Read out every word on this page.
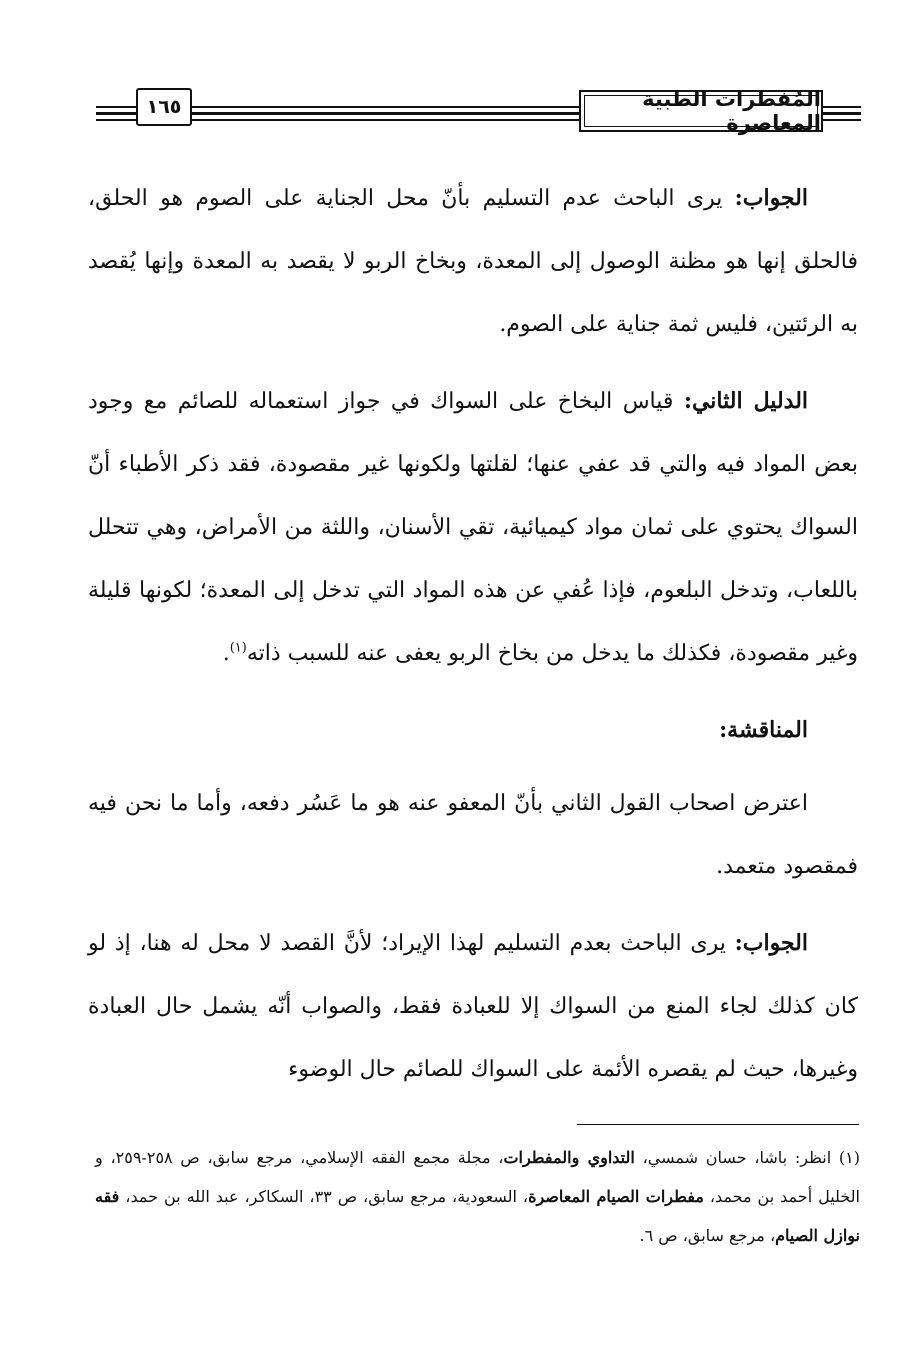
المُفطرات الطبية المعاصرة
١٦٥

الجواب: يرى الباحث عدم التسليم بأنّ محل الجناية على الصوم هو الحلق، فالحلق إنها هو مظنة الوصول إلى المعدة، وبخاخ الربو لا يقصد به المعدة وإنها يُقصد به الرئتين، فليس ثمة جناية على الصوم.

الدليل الثاني: قياس البخاخ على السواك في جواز استعماله للصائم مع وجود بعض المواد فيه والتي قد عفي عنها؛ لقلتها ولكونها غير مقصودة، فقد ذكر الأطباء أنّ السواك يحتوي على ثمان مواد كيميائية، تقي الأسنان، واللثة من الأمراض، وهي تتحلل باللعاب، وتدخل البلعوم، فإذا عُفي عن هذه المواد التي تدخل إلى المعدة؛ لكونها قليلة وغير مقصودة، فكذلك ما يدخل من بخاخ الربو يعفى عنه للسبب ذاته$^{(١)}$.

المناقشة:

اعترض اصحاب القول الثاني بأنّ المعفو عنه هو ما عَسُر دفعه، وأما ما نحن فيه فمقصود متعمد.

الجواب: يرى الباحث بعدم التسليم لهذا الإيراد؛ لأنَّ القصد لا محل له هنا، إذ لو كان كذلك لجاء المنع من السواك إلا للعبادة فقط، والصواب أنّه يشمل حال العبادة وغيرها، حيث لم يقصره الأئمة على السواك للصائم حال الوضوء

(١) انظر: باشا، حسان شمسي، التداوي والمفطرات، مجلة مجمع الفقه الإسلامي، مرجع سابق، ص ٢٥٨-٢٥٩، و الخليل أحمد بن محمد، مفطرات الصيام المعاصرة، السعودية، مرجع سابق، ص ٣٣، السكاكر، عبد الله بن حمد، فقه نوازل الصيام، مرجع سابق، ص ٦.
